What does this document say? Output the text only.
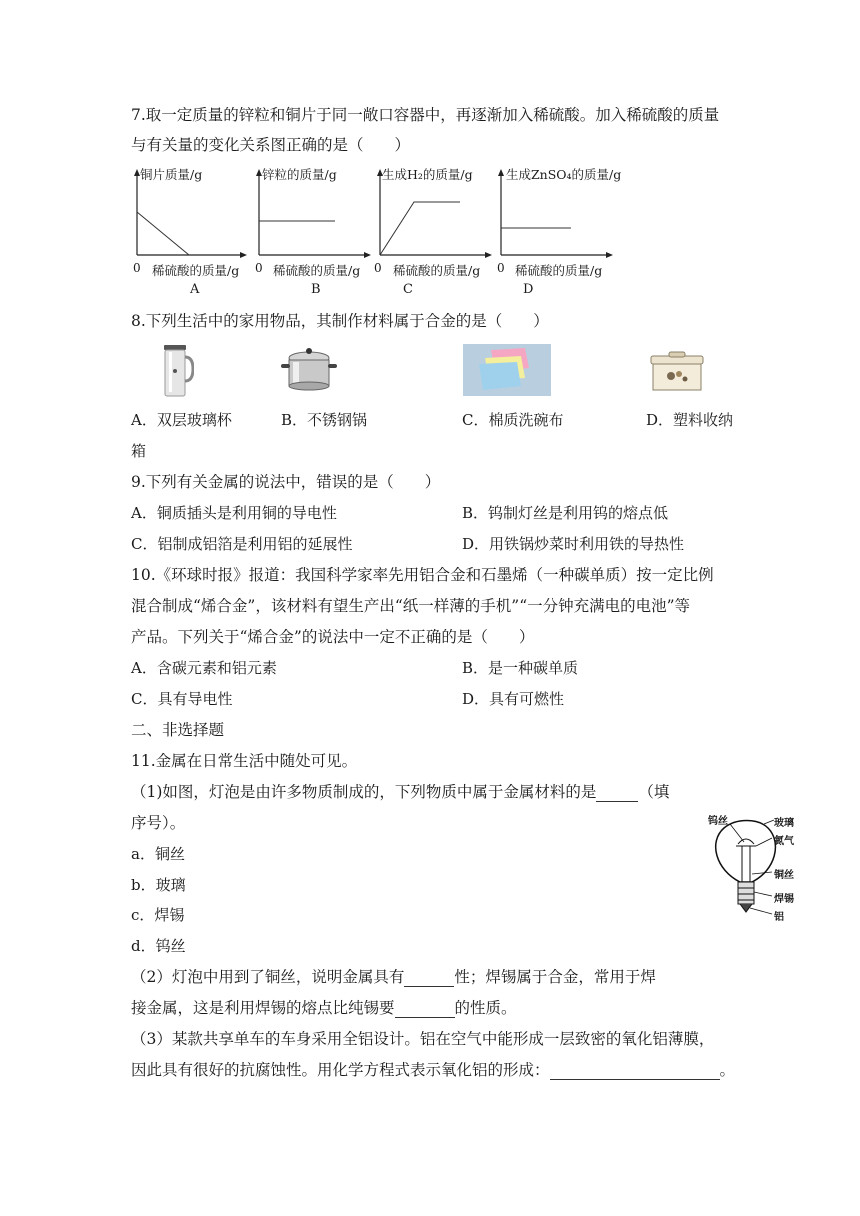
7.取一定质量的锌粒和铜片于同一敞口容器中，再逐渐加入稀硫酸。加入稀硫酸的质量
与有关量的变化关系图正确的是（　　）
铜片质量/g
0 稀硫酸的质量/g
A
锌粒的质量/g
0 稀硫酸的质量/g
B
生成H₂的质量/g
0 稀硫酸的质量/g
C
生成ZnSO₄的质量/g
0 稀硫酸的质量/g
D
8.下列生活中的家用物品，其制作材料属于合金的是（　　）
A．双层玻璃杯	B．不锈钢锅	C．棉质洗碗布	D．塑料收纳
箱
9.下列有关金属的说法中，错误的是（　　）
A．铜质插头是利用铜的导电性	B．钨制灯丝是利用钨的熔点低
C．铝制成铝箔是利用铝的延展性	D．用铁锅炒菜时利用铁的导热性
10.《环球时报》报道：我国科学家率先用铝合金和石墨烯（一种碳单质）按一定比例
混合制成“烯合金”，该材料有望生产出“纸一样薄的手机”“一分钟充满电的电池”等
产品。下列关于“烯合金”的说法中一定不正确的是（　　）
A．含碳元素和铝元素	B．是一种碳单质
C．具有导电性	D．具有可燃性
二、非选择题
11.金属在日常生活中随处可见。
（1)如图，灯泡是由许多物质制成的，下列物质中属于金属材料的是	（填
序号）。
a．铜丝
b．玻璃
c．焊锡
d．钨丝
钨丝	玻璃
氮气
铜丝
焊锡
铝
（2）灯泡中用到了铜丝，说明金属具有	性；焊锡属于合金，常用于焊
接金属，这是利用焊锡的熔点比纯锡要	的性质。
（3）某款共享单车的车身采用全铝设计。铝在空气中能形成一层致密的氧化铝薄膜，
因此具有很好的抗腐蚀性。用化学方程式表示氧化铝的形成：	。
